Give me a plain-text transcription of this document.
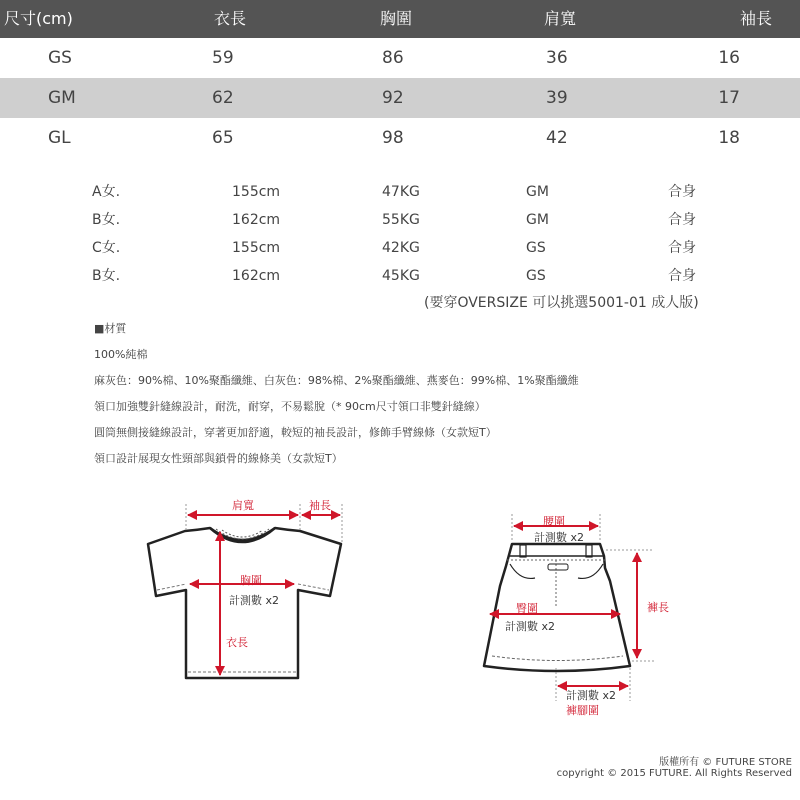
尺寸(cm)	衣長	胸圍	肩寬	袖長
GS	59	86	36	16
GM	62	92	39	17
GL	65	98	42	18
A女.	155cm	47KG	GM	合身
B女.	162cm	55KG	GM	合身
C女.	155cm	42KG	GS	合身
B女.	162cm	45KG	GS	合身
(要穿OVERSIZE 可以挑選5001-01 成人版)
■材質
100%純棉
麻灰色：90%棉、10%聚酯纖維、白灰色：98%棉、2%聚酯纖維、燕麥色：99%棉、1%聚酯纖維
領口加強雙針縫線設計，耐洗，耐穿，不易鬆脫（* 90cm尺寸領口非雙針縫線）
圓筒無側接縫線設計，穿著更加舒適，較短的袖長設計，修飾手臂線條（女款短T）
領口設計展現女性頸部與鎖骨的線條美（女款短T）
肩寬	袖長
胸圍
計測數 x2
衣長
腰圍
計測數 x2
臀圍
計測數 x2
褲長
計測數 x2
褲腳圍
版權所有 © FUTURE STORE
copyright © 2015 FUTURE. All Rights Reserved
